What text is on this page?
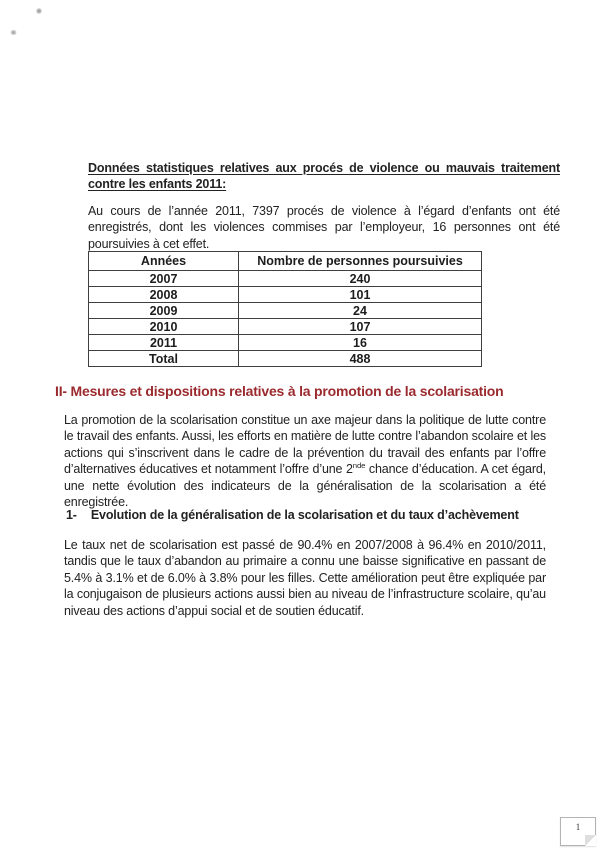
Données statistiques relatives aux procés de violence ou mauvais traitement contre les enfants 2011:
Au cours de l’année 2011, 7397 procés de violence à l’égard d’enfants ont été enregistrés, dont les violences commises par l’employeur, 16 personnes ont été poursuivies à cet effet.
Années	Nombre de personnes poursuivies
2007	240
2008	101
2009	24
2010	107
2011	16
Total	488
II- Mesures et dispositions relatives à la promotion de la scolarisation
La promotion de la scolarisation constitue un axe majeur dans la politique de lutte contre le travail des enfants. Aussi, les efforts en matière de lutte contre l’abandon scolaire et les actions qui s’inscrivent dans le cadre de la prévention du travail des enfants par l’offre d’alternatives éducatives et notamment l’offre d’une 2nde chance d’éducation. A cet égard, une nette évolution des indicateurs de la généralisation de la scolarisation a été enregistrée.
1- Evolution de la généralisation de la scolarisation et du taux d’achèvement
Le taux net de scolarisation est passé de 90.4% en 2007/2008 à 96.4% en 2010/2011, tandis que le taux d’abandon au primaire a connu une baisse significative en passant de 5.4% à 3.1% et de 6.0% à 3.8% pour les filles. Cette amélioration peut être expliquée par la conjugaison de plusieurs actions aussi bien au niveau de l’infrastructure scolaire, qu’au niveau des actions d’appui social et de soutien éducatif.
1
